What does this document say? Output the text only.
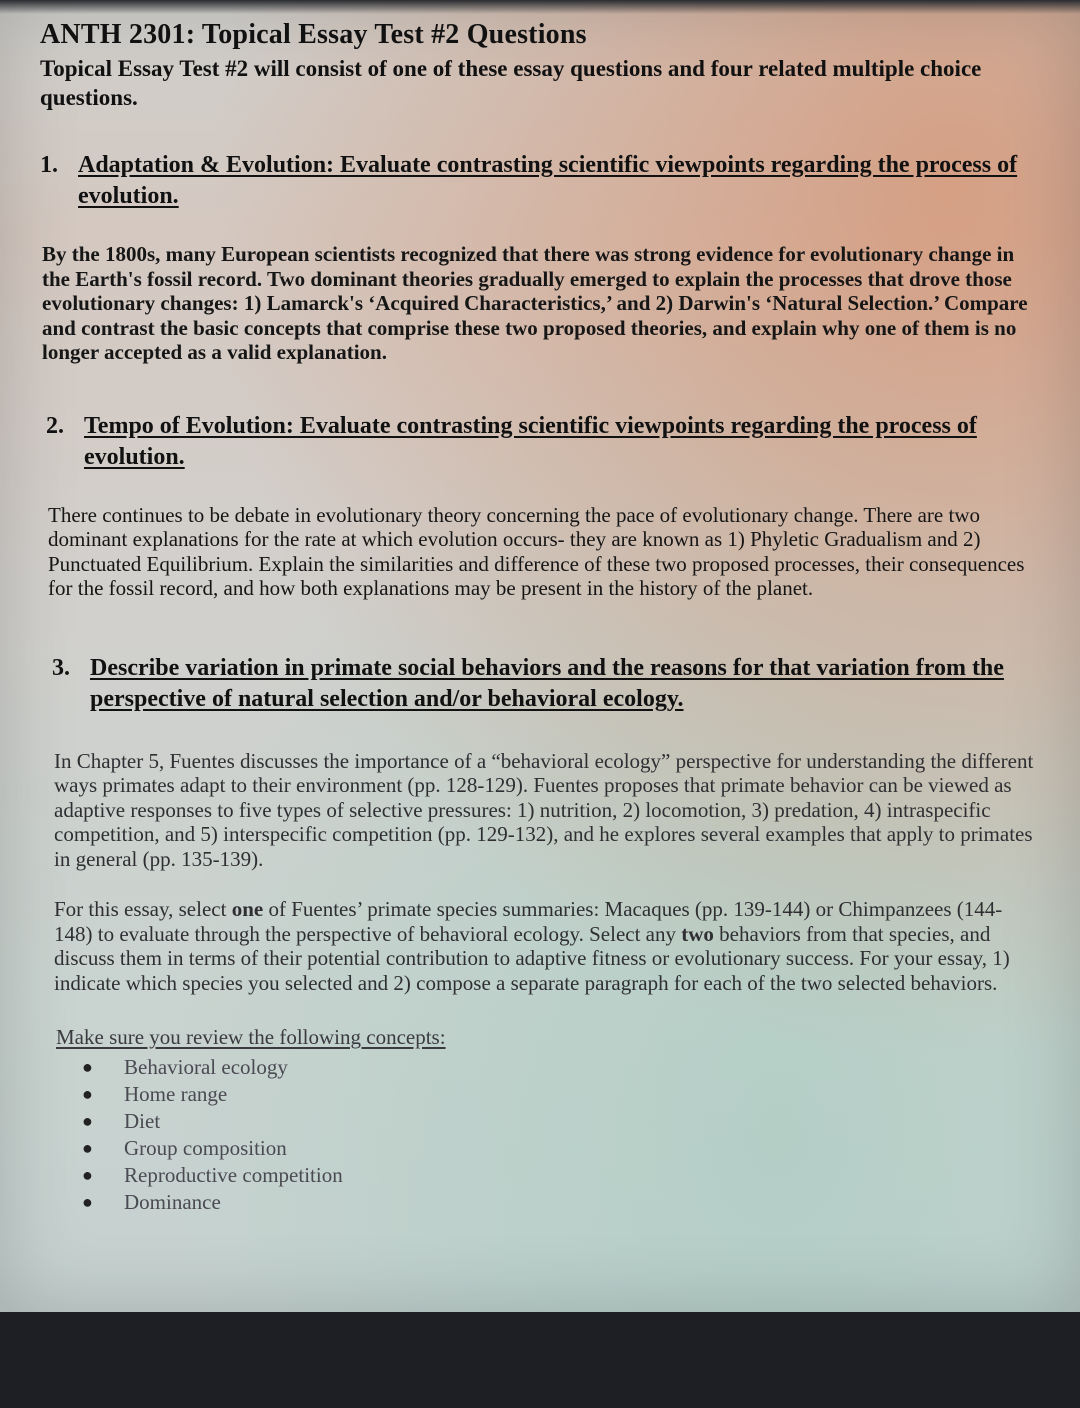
ANTH 2301: Topical Essay Test #2 Questions

Topical Essay Test #2 will consist of one of these essay questions and four related multiple choice questions.

1. Adaptation & Evolution: Evaluate contrasting scientific viewpoints regarding the process of evolution.

By the 1800s, many European scientists recognized that there was strong evidence for evolutionary change in the Earth's fossil record. Two dominant theories gradually emerged to explain the processes that drove those evolutionary changes: 1) Lamarck's ‘Acquired Characteristics,’ and 2) Darwin's ‘Natural Selection.’ Compare and contrast the basic concepts that comprise these two proposed theories, and explain why one of them is no longer accepted as a valid explanation.

2. Tempo of Evolution: Evaluate contrasting scientific viewpoints regarding the process of evolution.

There continues to be debate in evolutionary theory concerning the pace of evolutionary change. There are two dominant explanations for the rate at which evolution occurs- they are known as 1) Phyletic Gradualism and 2) Punctuated Equilibrium. Explain the similarities and difference of these two proposed processes, their consequences for the fossil record, and how both explanations may be present in the history of the planet.

3. Describe variation in primate social behaviors and the reasons for that variation from the perspective of natural selection and/or behavioral ecology.

In Chapter 5, Fuentes discusses the importance of a “behavioral ecology” perspective for understanding the different ways primates adapt to their environment (pp. 128-129). Fuentes proposes that primate behavior can be viewed as adaptive responses to five types of selective pressures: 1) nutrition, 2) locomotion, 3) predation, 4) intraspecific competition, and 5) interspecific competition (pp. 129-132), and he explores several examples that apply to primates in general (pp. 135-139).

For this essay, select one of Fuentes’ primate species summaries: Macaques (pp. 139-144) or Chimpanzees (144-148) to evaluate through the perspective of behavioral ecology. Select any two behaviors from that species, and discuss them in terms of their potential contribution to adaptive fitness or evolutionary success. For your essay, 1) indicate which species you selected and 2) compose a separate paragraph for each of the two selected behaviors.

Make sure you review the following concepts:
●	Behavioral ecology
●	Home range
●	Diet
●	Group composition
●	Reproductive competition
●	Dominance
